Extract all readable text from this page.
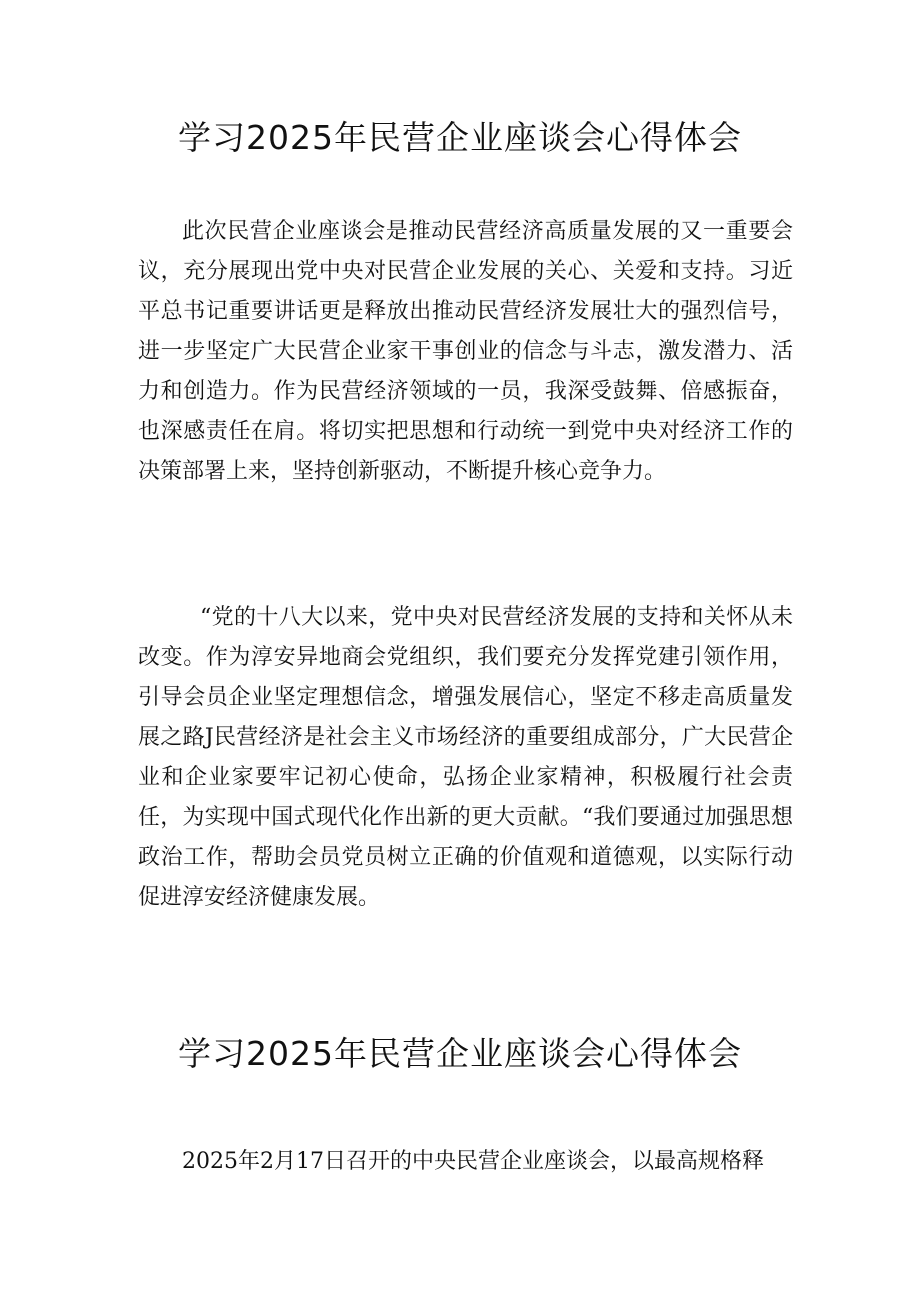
学习2025年民营企业座谈会心得体会

此次民营企业座谈会是推动民营经济高质量发展的又一重要会议，充分展现出党中央对民营企业发展的关心、关爱和支持。习近平总书记重要讲话更是释放出推动民营经济发展壮大的强烈信号，进一步坚定广大民营企业家干事创业的信念与斗志，激发潜力、活力和创造力。作为民营经济领域的一员，我深受鼓舞、倍感振奋，也深感责任在肩。将切实把思想和行动统一到党中央对经济工作的决策部署上来，坚持创新驱动，不断提升核心竞争力。

“党的十八大以来，党中央对民营经济发展的支持和关怀从未改变。作为淳安异地商会党组织，我们要充分发挥党建引领作用，引导会员企业坚定理想信念，增强发展信心，坚定不移走高质量发展之路J民营经济是社会主义市场经济的重要组成部分，广大民营企业和企业家要牢记初心使命，弘扬企业家精神，积极履行社会责任，为实现中国式现代化作出新的更大贡献。“我们要通过加强思想政治工作，帮助会员党员树立正确的价值观和道德观，以实际行动促进淳安经济健康发展。

学习2025年民营企业座谈会心得体会

2025年2月17日召开的中央民营企业座谈会，以最高规格释
